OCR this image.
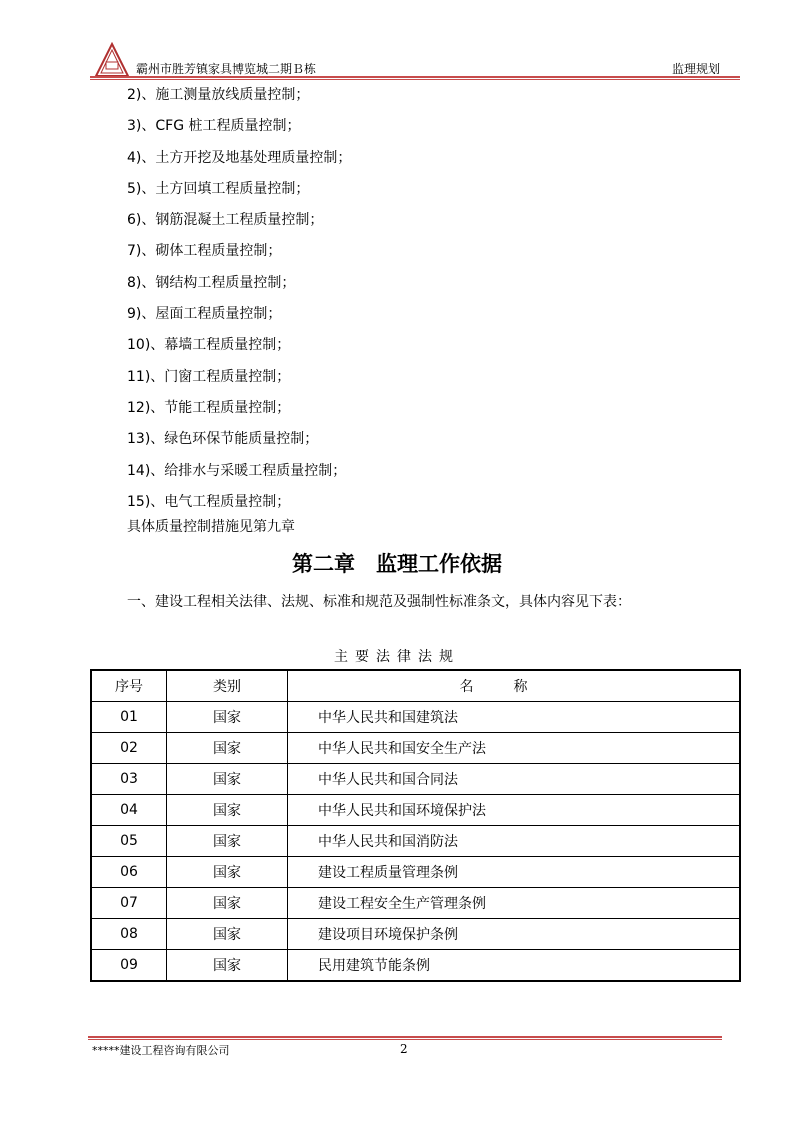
霸州市胜芳镇家具博览城二期Ｂ栋	监理规划
2)、施工测量放线质量控制；
3)、CFG 桩工程质量控制；
4)、土方开挖及地基处理质量控制；
5)、土方回填工程质量控制；
6)、钢筋混凝土工程质量控制；
7)、砌体工程质量控制；
8)、钢结构工程质量控制；
9)、屋面工程质量控制；
10)、幕墙工程质量控制；
11)、门窗工程质量控制；
12)、节能工程质量控制；
13)、绿色环保节能质量控制；
14)、给排水与采暖工程质量控制；
15)、电气工程质量控制；
具体质量控制措施见第九章
第二章　监理工作依据
一、建设工程相关法律、法规、标准和规范及强制性标准条文，具体内容见下表：
主要法律法规
序号	类别	名称
01	国家	中华人民共和国建筑法
02	国家	中华人民共和国安全生产法
03	国家	中华人民共和国合同法
04	国家	中华人民共和国环境保护法
05	国家	中华人民共和国消防法
06	国家	建设工程质量管理条例
07	国家	建设工程安全生产管理条例
08	国家	建设项目环境保护条例
09	国家	民用建筑节能条例
*****建设工程咨询有限公司	2
